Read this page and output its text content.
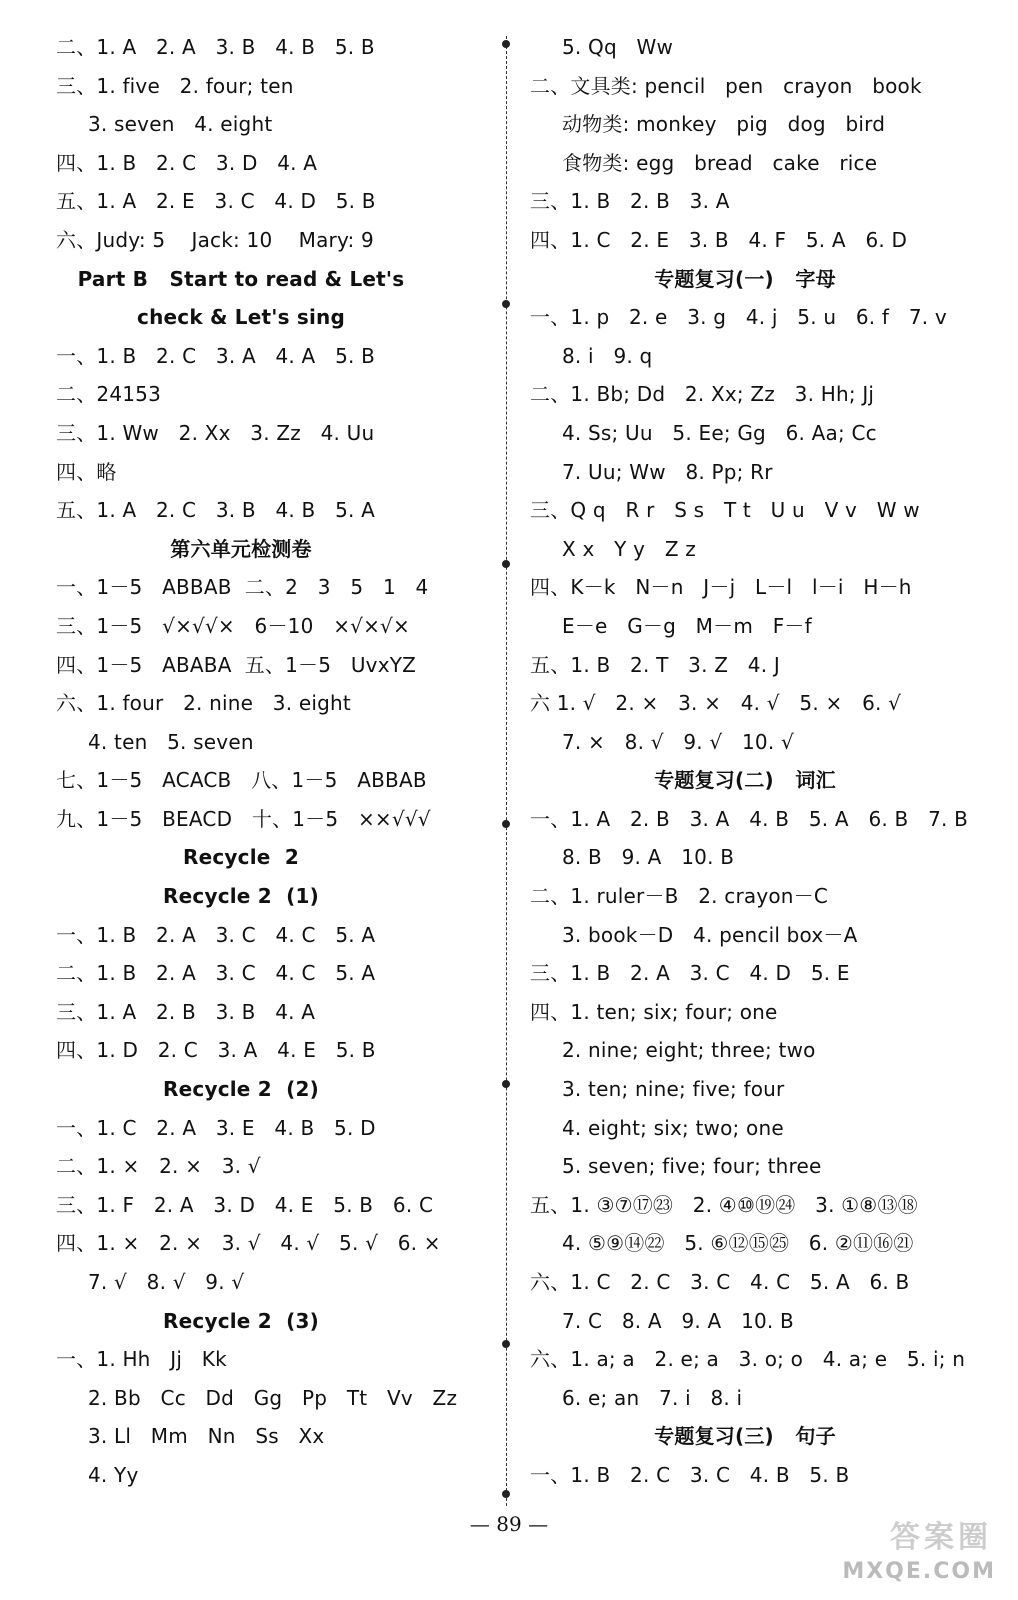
二、1. A   2. A   3. B   4. B   5. B
三、1. five   2. four; ten
3. seven   4. eight
四、1. B   2. C   3. D   4. A
五、1. A   2. E   3. C   4. D   5. B
六、Judy: 5    Jack: 10    Mary: 9
Part B   Start to read & Let's
check & Let's sing
一、1. B   2. C   3. A   4. A   5. B
二、24153
三、1. Ww   2. Xx   3. Zz   4. Uu
四、略
五、1. A   2. C   3. B   4. B   5. A
第六单元检测卷
一、1－5   ABBAB  二、2   3   5   1   4
三、1－5   √×√√×   6－10   ×√×√×
四、1－5   ABABA  五、1－5   UvxYZ
六、1. four   2. nine   3. eight
4. ten   5. seven
七、1－5   ACACB   八、1－5   ABBAB
九、1－5   BEACD   十、1－5   ××√√√
Recycle  2
Recycle 2  (1)
一、1. B   2. A   3. C   4. C   5. A
二、1. B   2. A   3. C   4. C   5. A
三、1. A   2. B   3. B   4. A
四、1. D   2. C   3. A   4. E   5. B
Recycle 2  (2)
一、1. C   2. A   3. E   4. B   5. D
二、1. ×   2. ×   3. √
三、1. F   2. A   3. D   4. E   5. B   6. C
四、1. ×   2. ×   3. √   4. √   5. √   6. ×
7. √   8. √   9. √
Recycle 2  (3)
一、1. Hh   Jj   Kk
2. Bb   Cc   Dd   Gg   Pp   Tt   Vv   Zz
3. Ll   Mm   Nn   Ss   Xx
4. Yy
5. Qq   Ww
二、文具类: pencil   pen   crayon   book
动物类: monkey   pig   dog   bird
食物类: egg   bread   cake   rice
三、1. B   2. B   3. A
四、1. C   2. E   3. B   4. F   5. A   6. D
专题复习(一)   字母
一、1. p   2. e   3. g   4. j   5. u   6. f   7. v
8. i   9. q
二、1. Bb; Dd   2. Xx; Zz   3. Hh; Jj
4. Ss; Uu   5. Ee; Gg   6. Aa; Cc
7. Uu; Ww   8. Pp; Rr
三、Q q   R r   S s   T t   U u   V v   W w
X x   Y y   Z z
四、K－k   N－n   J－j   L－l   l－i   H－h
E－e   G－g   M－m   F－f
五、1. B   2. T   3. Z   4. J
六 1. √   2. ×   3. ×   4. √   5. ×   6. √
7. ×   8. √   9. √   10. √
专题复习(二)   词汇
一、1. A   2. B   3. A   4. B   5. A   6. B   7. B
8. B   9. A   10. B
二、1. ruler－B   2. crayon－C
3. book－D   4. pencil box－A
三、1. B   2. A   3. C   4. D   5. E
四、1. ten; six; four; one
2. nine; eight; three; two
3. ten; nine; five; four
4. eight; six; two; one
5. seven; five; four; three
五、1. ③⑦⑰㉓   2. ④⑩⑲㉔   3. ①⑧⑬⑱
4. ⑤⑨⑭㉒   5. ⑥⑫⑮㉕   6. ②⑪⑯㉑
六、1. C   2. C   3. C   4. C   5. A   6. B
7. C   8. A   9. A   10. B
六、1. a; a   2. e; a   3. o; o   4. a; e   5. i; n
6. e; an   7. i   8. i
专题复习(三)   句子
一、1. B   2. C   3. C   4. B   5. B
— 89 —	答案圈
MXQE.COM
